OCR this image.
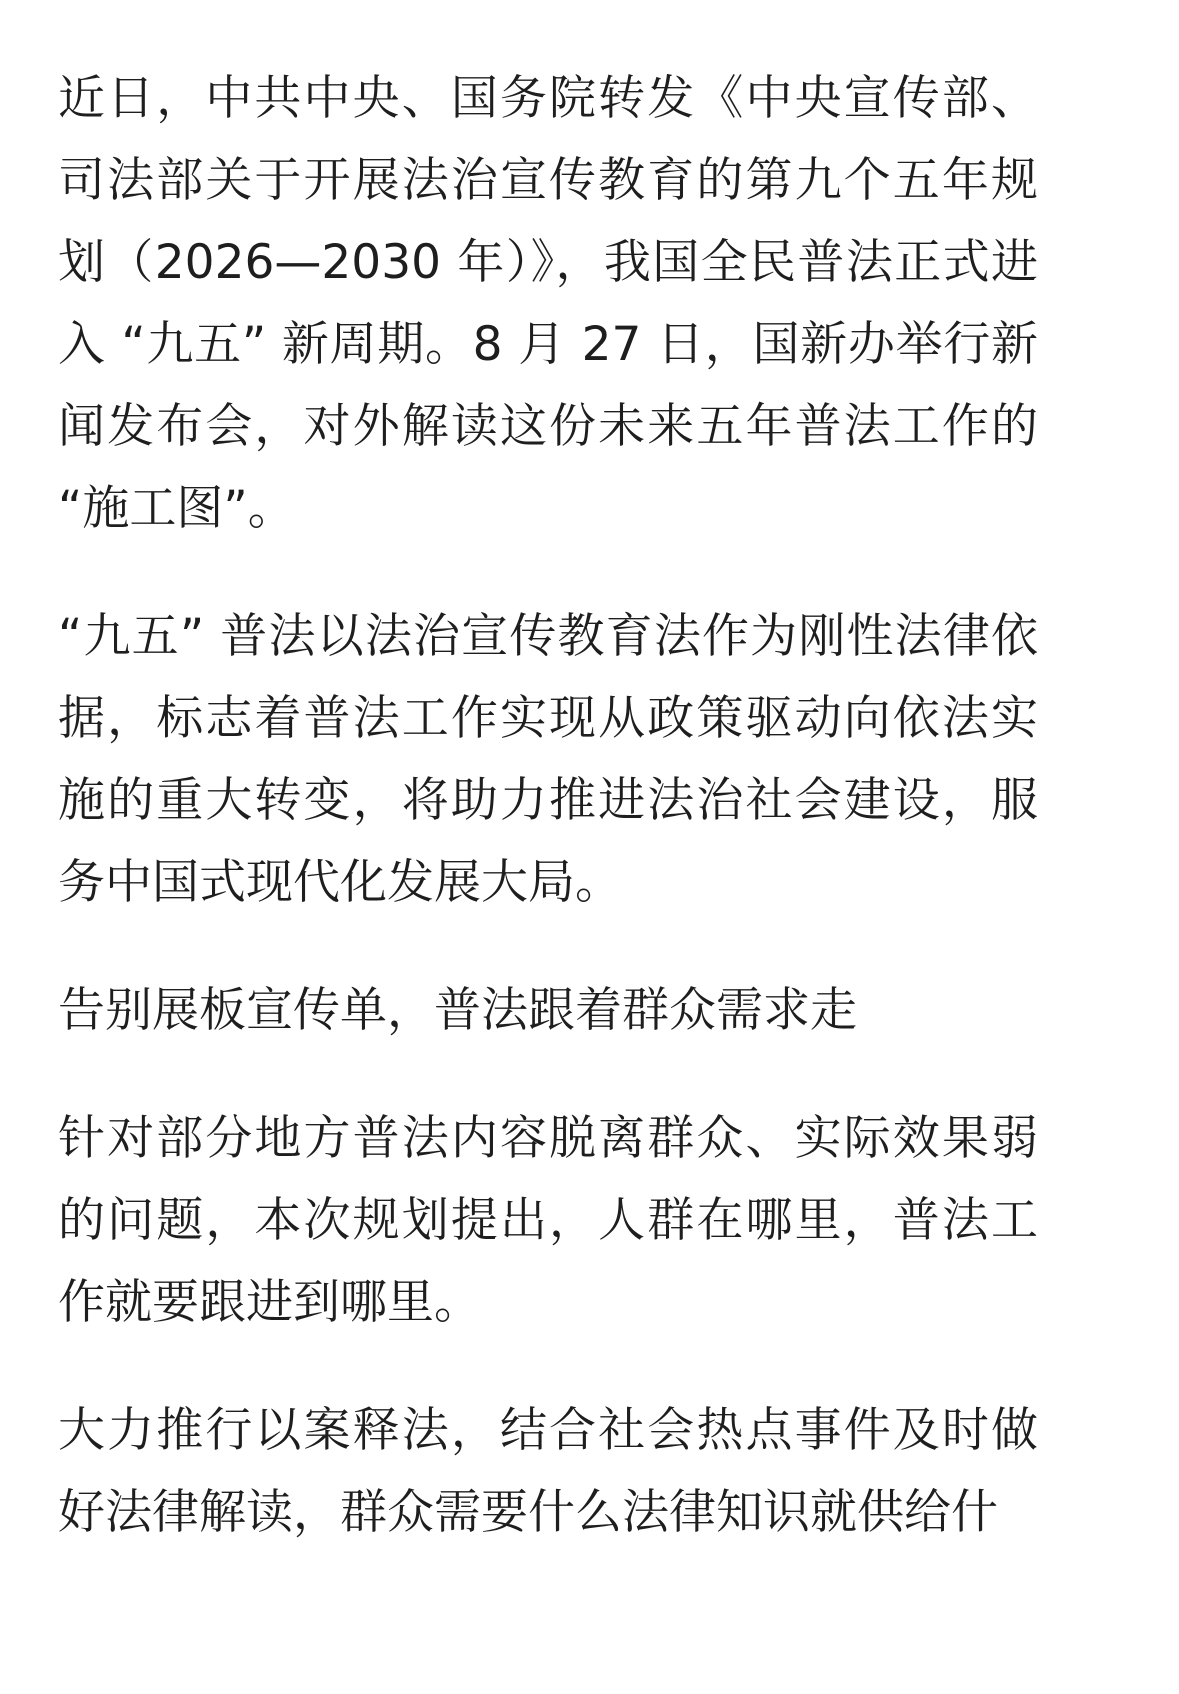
近日，中共中央、国务院转发《中央宣传部、司法部关于开展法治宣传教育的第九个五年规划（2026—2030 年）》，我国全民普法正式进入 “九五” 新周期。8 月 27 日，国新办举行新闻发布会，对外解读这份未来五年普法工作的 “施工图”。

“九五” 普法以法治宣传教育法作为刚性法律依据，标志着普法工作实现从政策驱动向依法实施的重大转变，将助力推进法治社会建设，服务中国式现代化发展大局。

告别展板宣传单，普法跟着群众需求走

针对部分地方普法内容脱离群众、实际效果弱的问题，本次规划提出，人群在哪里，普法工作就要跟进到哪里。

大力推行以案释法，结合社会热点事件及时做好法律解读，群众需要什么法律知识就供给什
